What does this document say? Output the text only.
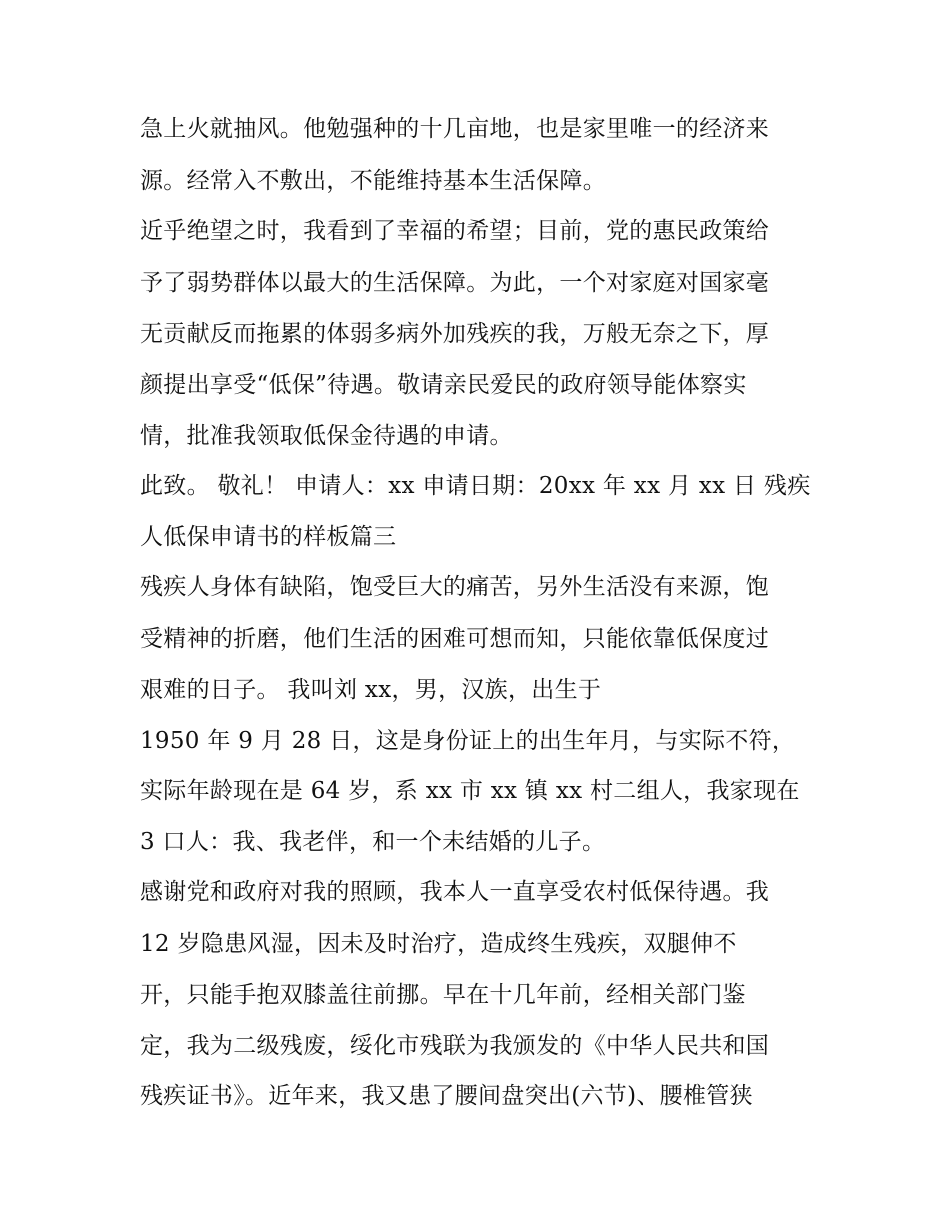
急上火就抽风。他勉强种的十几亩地，也是家里唯一的经济来

源。经常入不敷出，不能维持基本生活保障。

近乎绝望之时，我看到了幸福的希望；目前，党的惠民政策给

予了弱势群体以最大的生活保障。为此，一个对家庭对国家毫

无贡献反而拖累的体弱多病外加残疾的我，万般无奈之下，厚

颜提出享受“低保”待遇。敬请亲民爱民的政府领导能体察实

情，批准我领取低保金待遇的申请。

此致。 敬礼！ 申请人：xx 申请日期：20xx 年 xx 月 xx 日 残疾

人低保申请书的样板篇三

残疾人身体有缺陷，饱受巨大的痛苦，另外生活没有来源，饱

受精神的折磨，他们生活的困难可想而知，只能依靠低保度过

艰难的日子。 我叫刘 xx，男，汉族，出生于

1950 年 9 月 28 日，这是身份证上的出生年月，与实际不符，

实际年龄现在是 64 岁，系 xx 市 xx 镇 xx 村二组人，我家现在

3 口人：我、我老伴，和一个未结婚的儿子。

感谢党和政府对我的照顾，我本人一直享受农村低保待遇。我

12 岁隐患风湿，因未及时治疗，造成终生残疾，双腿伸不

开，只能手抱双膝盖往前挪。早在十几年前，经相关部门鉴

定，我为二级残废，绥化市残联为我颁发的《中华人民共和国

残疾证书》。近年来，我又患了腰间盘突出(六节)、腰椎管狭
